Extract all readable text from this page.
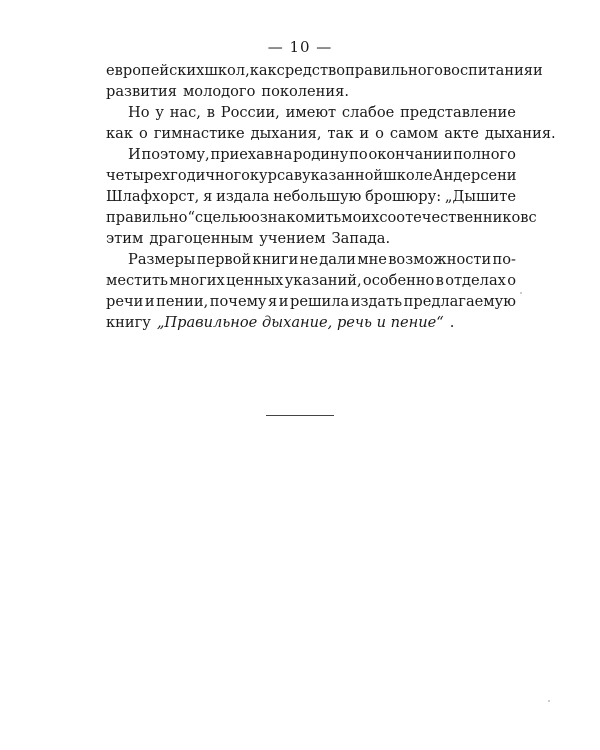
— 10 —
европейских школ, как средство правильного воспитания и
развития молодого поколения.
Но у нас, в России, имеют слабое представление
как о гимнастике дыхания, так и о самом акте дыхания.
И поэтому, приехав на родину по окончании полного
четырехгодичного курса в указанной школе Андерсен и
Шлафхорст, я издала небольшую брошюру: „Дышите
правильно“ с целью ознакомить моих соотечественников с
этим драгоценным учением Запада.
Размеры первой книги не дали мне возможности по-
местить многих ценных указаний, особенно в отделах о
речи и пении, почему я и решила издать предлагаемую
книгу „Правильное дыхание, речь и пение“ .
